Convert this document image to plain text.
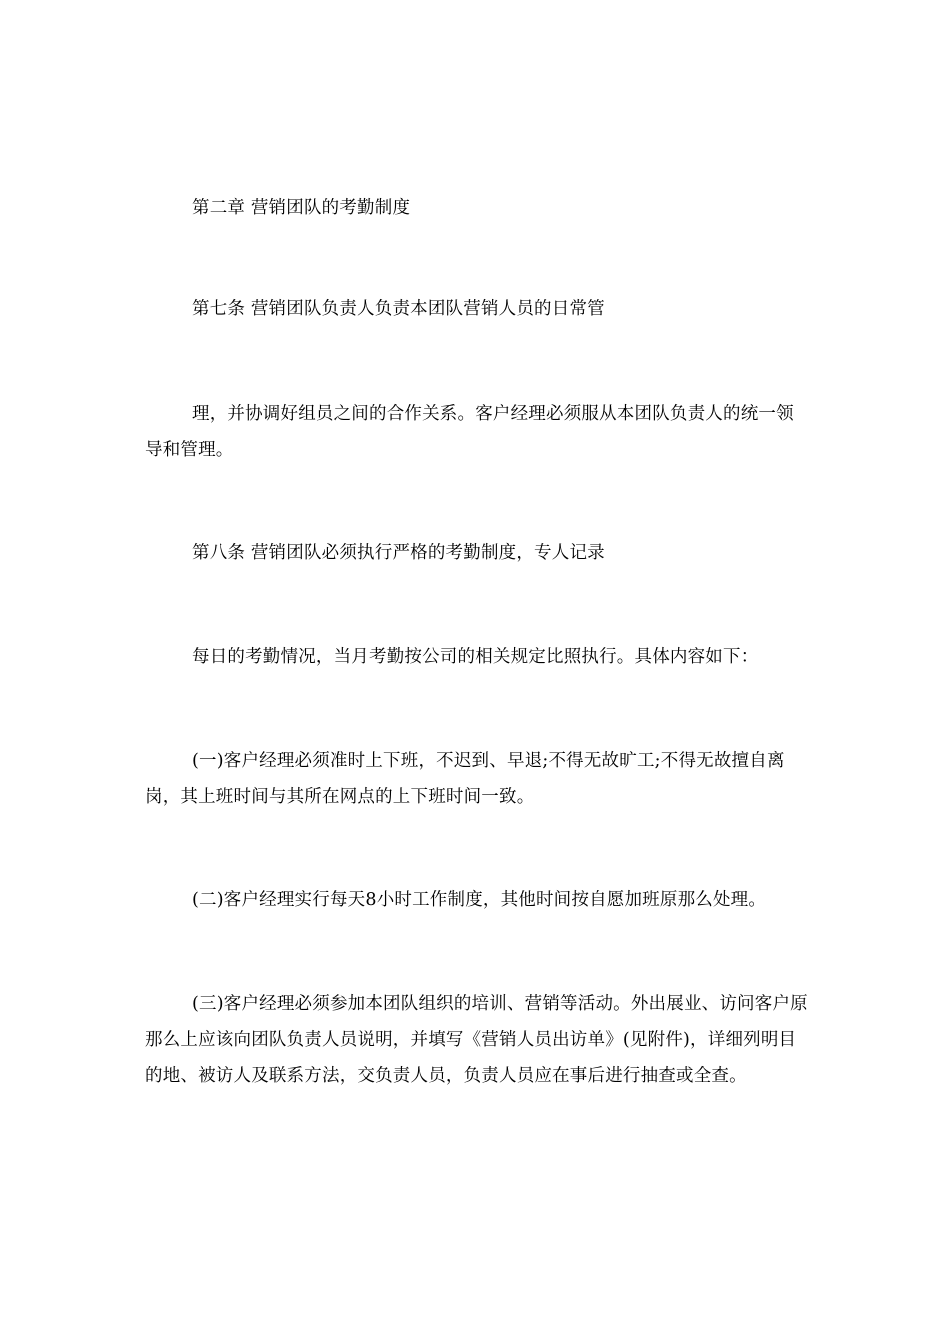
第二章 营销团队的考勤制度

第七条 营销团队负责人负责本团队营销人员的日常管

理，并协调好组员之间的合作关系。客户经理必须服从本团队负责人的统一领导和管理。

第八条 营销团队必须执行严格的考勤制度，专人记录

每日的考勤情况，当月考勤按公司的相关规定比照执行。具体内容如下：

(一)客户经理必须准时上下班，不迟到、早退;不得无故旷工;不得无故擅自离岗，其上班时间与其所在网点的上下班时间一致。

(二)客户经理实行每天8小时工作制度，其他时间按自愿加班原那么处理。

(三)客户经理必须参加本团队组织的培训、营销等活动。外出展业、访问客户原那么上应该向团队负责人员说明，并填写《营销人员出访单》(见附件)，详细列明目的地、被访人及联系方法，交负责人员，负责人员应在事后进行抽查或全查。
